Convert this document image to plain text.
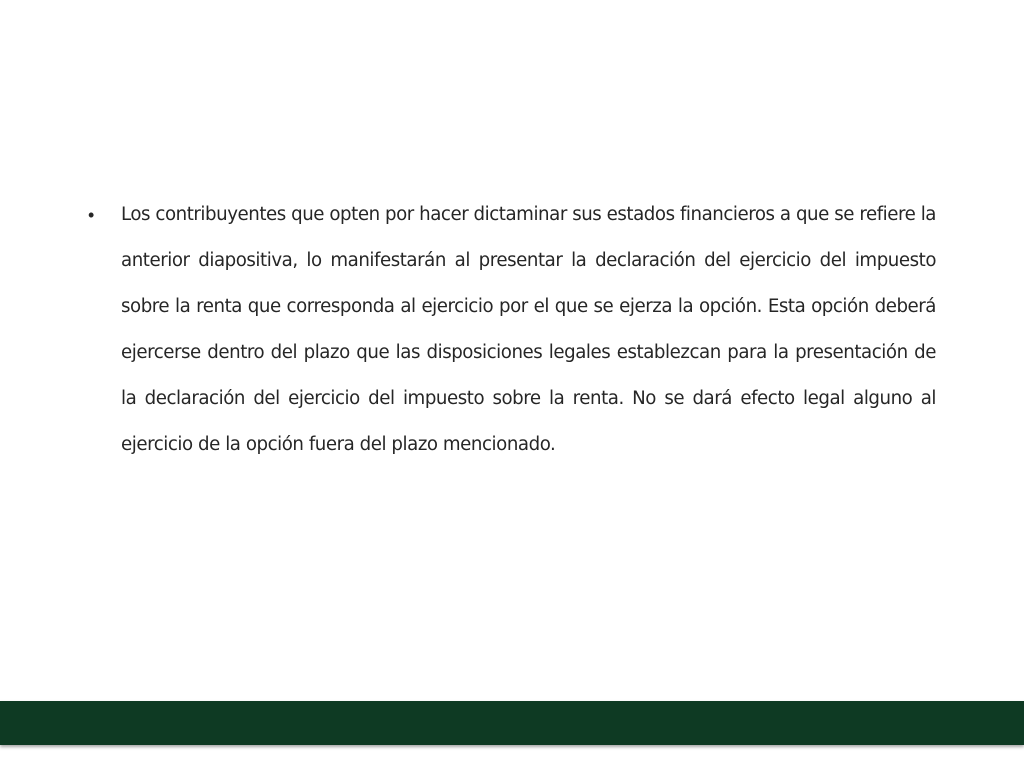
•	Los contribuyentes que opten por hacer dictaminar sus estados financieros a que se refiere la anterior diapositiva, lo manifestarán al presentar la declaración del ejercicio del impuesto sobre la renta que corresponda al ejercicio por el que se ejerza la opción. Esta opción deberá ejercerse dentro del plazo que las disposiciones legales establezcan para la presentación de la declaración del ejercicio del impuesto sobre la renta. No se dará efecto legal alguno al ejercicio de la opción fuera del plazo mencionado.
